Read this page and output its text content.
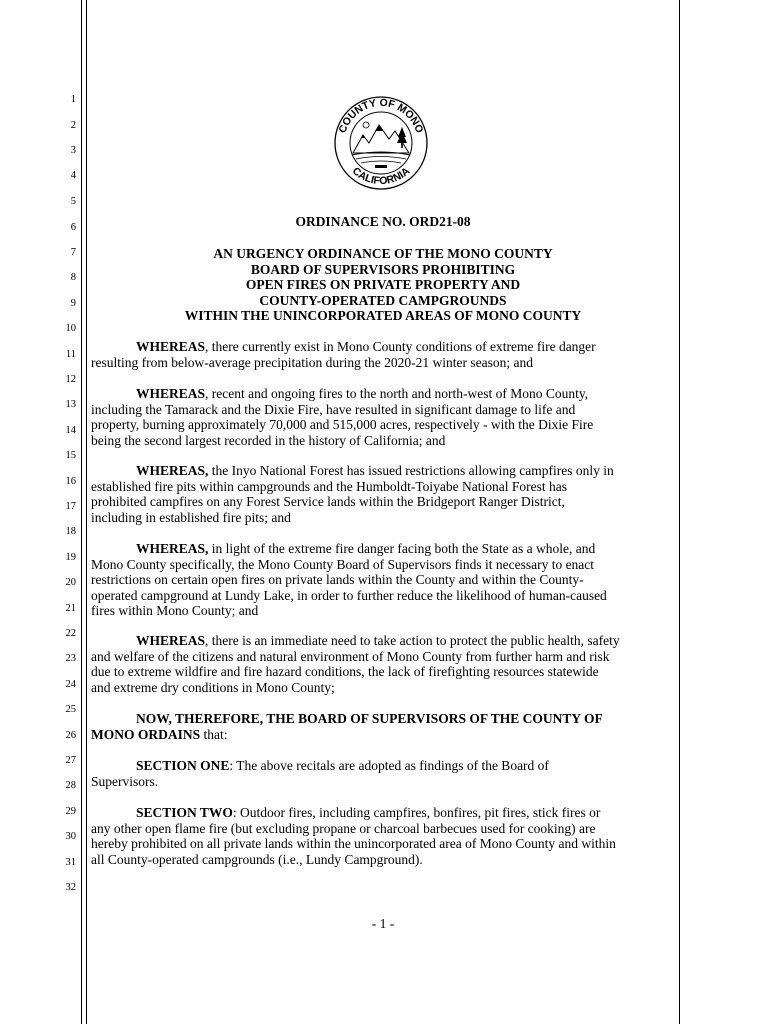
1
2
3
4
5
6
7
8
9
10
11
12
13
14
15
16
17
18
19
20
21
22
23
24
25
26
27
28
29
30
31
32
COUNTY OF MONO
CALIFORNIA

ORDINANCE NO. ORD21-08

AN URGENCY ORDINANCE OF THE MONO COUNTY

BOARD OF SUPERVISORS PROHIBITING

OPEN FIRES ON PRIVATE PROPERTY AND

COUNTY-OPERATED CAMPGROUNDS

WITHIN THE UNINCORPORATED AREAS OF MONO COUNTY

WHEREAS, there currently exist in Mono County conditions of extreme fire danger
resulting from below-average precipitation during the 2020-21 winter season; and
WHEREAS, recent and ongoing fires to the north and north-west of Mono County,
including the Tamarack and the Dixie Fire, have resulted in significant damage to life and
property, burning approximately 70,000 and 515,000 acres, respectively - with the Dixie Fire
being the second largest recorded in the history of California; and
WHEREAS, the Inyo National Forest has issued restrictions allowing campfires only in
established fire pits within campgrounds and the Humboldt-Toiyabe National Forest has
prohibited campfires on any Forest Service lands within the Bridgeport Ranger District,
including in established fire pits; and
WHEREAS, in light of the extreme fire danger facing both the State as a whole, and
Mono County specifically, the Mono County Board of Supervisors finds it necessary to enact
restrictions on certain open fires on private lands within the County and within the County-
operated campground at Lundy Lake, in order to further reduce the likelihood of human-caused
fires within Mono County; and
WHEREAS, there is an immediate need to take action to protect the public health, safety
and welfare of the citizens and natural environment of Mono County from further harm and risk
due to extreme wildfire and fire hazard conditions, the lack of firefighting resources statewide
and extreme dry conditions in Mono County;
NOW, THEREFORE, THE BOARD OF SUPERVISORS OF THE COUNTY OF
MONO ORDAINS that:
SECTION ONE: The above recitals are adopted as findings of the Board of
Supervisors.
SECTION TWO: Outdoor fires, including campfires, bonfires, pit fires, stick fires or
any other open flame fire (but excluding propane or charcoal barbecues used for cooking) are
hereby prohibited on all private lands within the unincorporated area of Mono County and within
all County-operated campgrounds (i.e., Lundy Campground).
- 1 -
